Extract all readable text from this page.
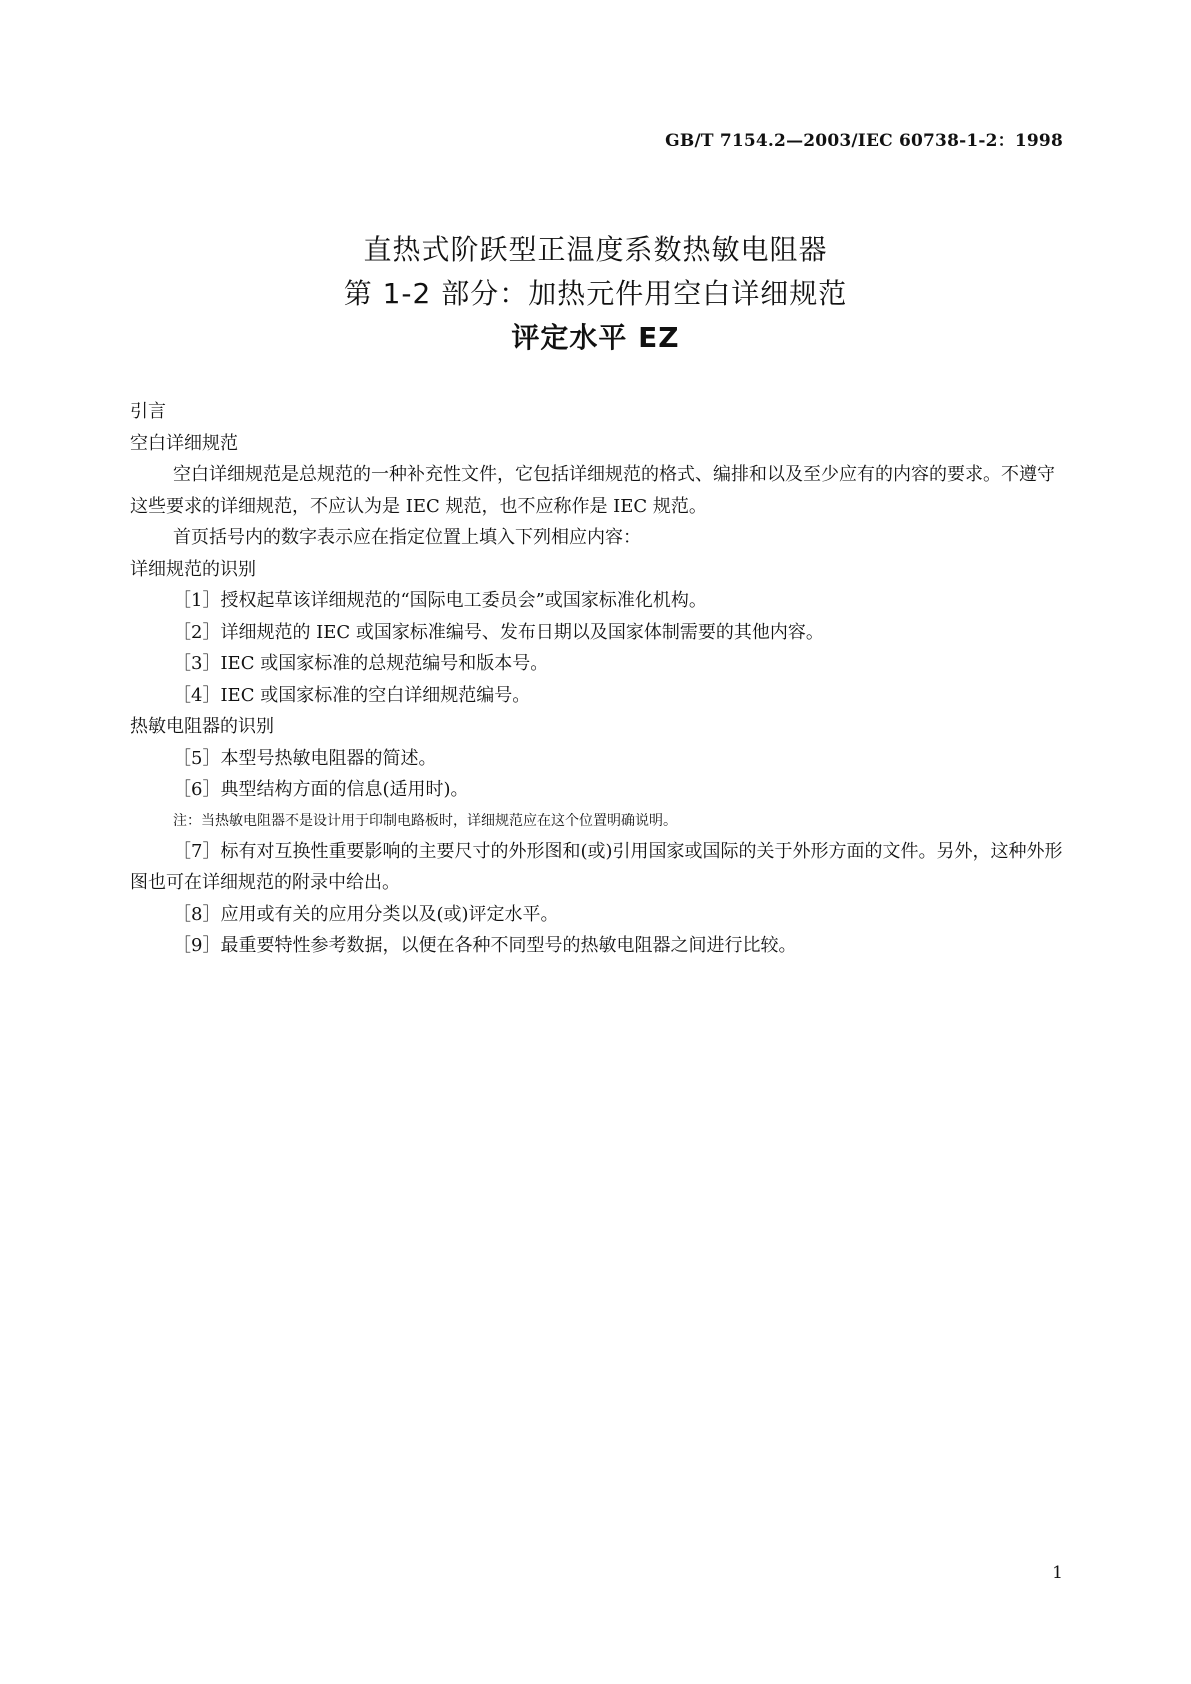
GB/T 7154.2—2003/IEC 60738-1-2：1998
直热式阶跃型正温度系数热敏电阻器
第 1-2 部分：加热元件用空白详细规范
评定水平 EZ

引言

空白详细规范

空白详细规范是总规范的一种补充性文件，它包括详细规范的格式、编排和以及至少应有的内容的要求。不遵守这些要求的详细规范，不应认为是 IEC 规范，也不应称作是 IEC 规范。

首页括号内的数字表示应在指定位置上填入下列相应内容：

详细规范的识别

［1］授权起草该详细规范的“国际电工委员会”或国家标准化机构。

［2］详细规范的 IEC 或国家标准编号、发布日期以及国家体制需要的其他内容。

［3］IEC 或国家标准的总规范编号和版本号。

［4］IEC 或国家标准的空白详细规范编号。

热敏电阻器的识别

［5］本型号热敏电阻器的简述。

［6］典型结构方面的信息(适用时)。

注：当热敏电阻器不是设计用于印制电路板时，详细规范应在这个位置明确说明。

［7］标有对互换性重要影响的主要尺寸的外形图和(或)引用国家或国际的关于外形方面的文件。另外，这种外形图也可在详细规范的附录中给出。

［8］应用或有关的应用分类以及(或)评定水平。

［9］最重要特性参考数据，以便在各种不同型号的热敏电阻器之间进行比较。

1
